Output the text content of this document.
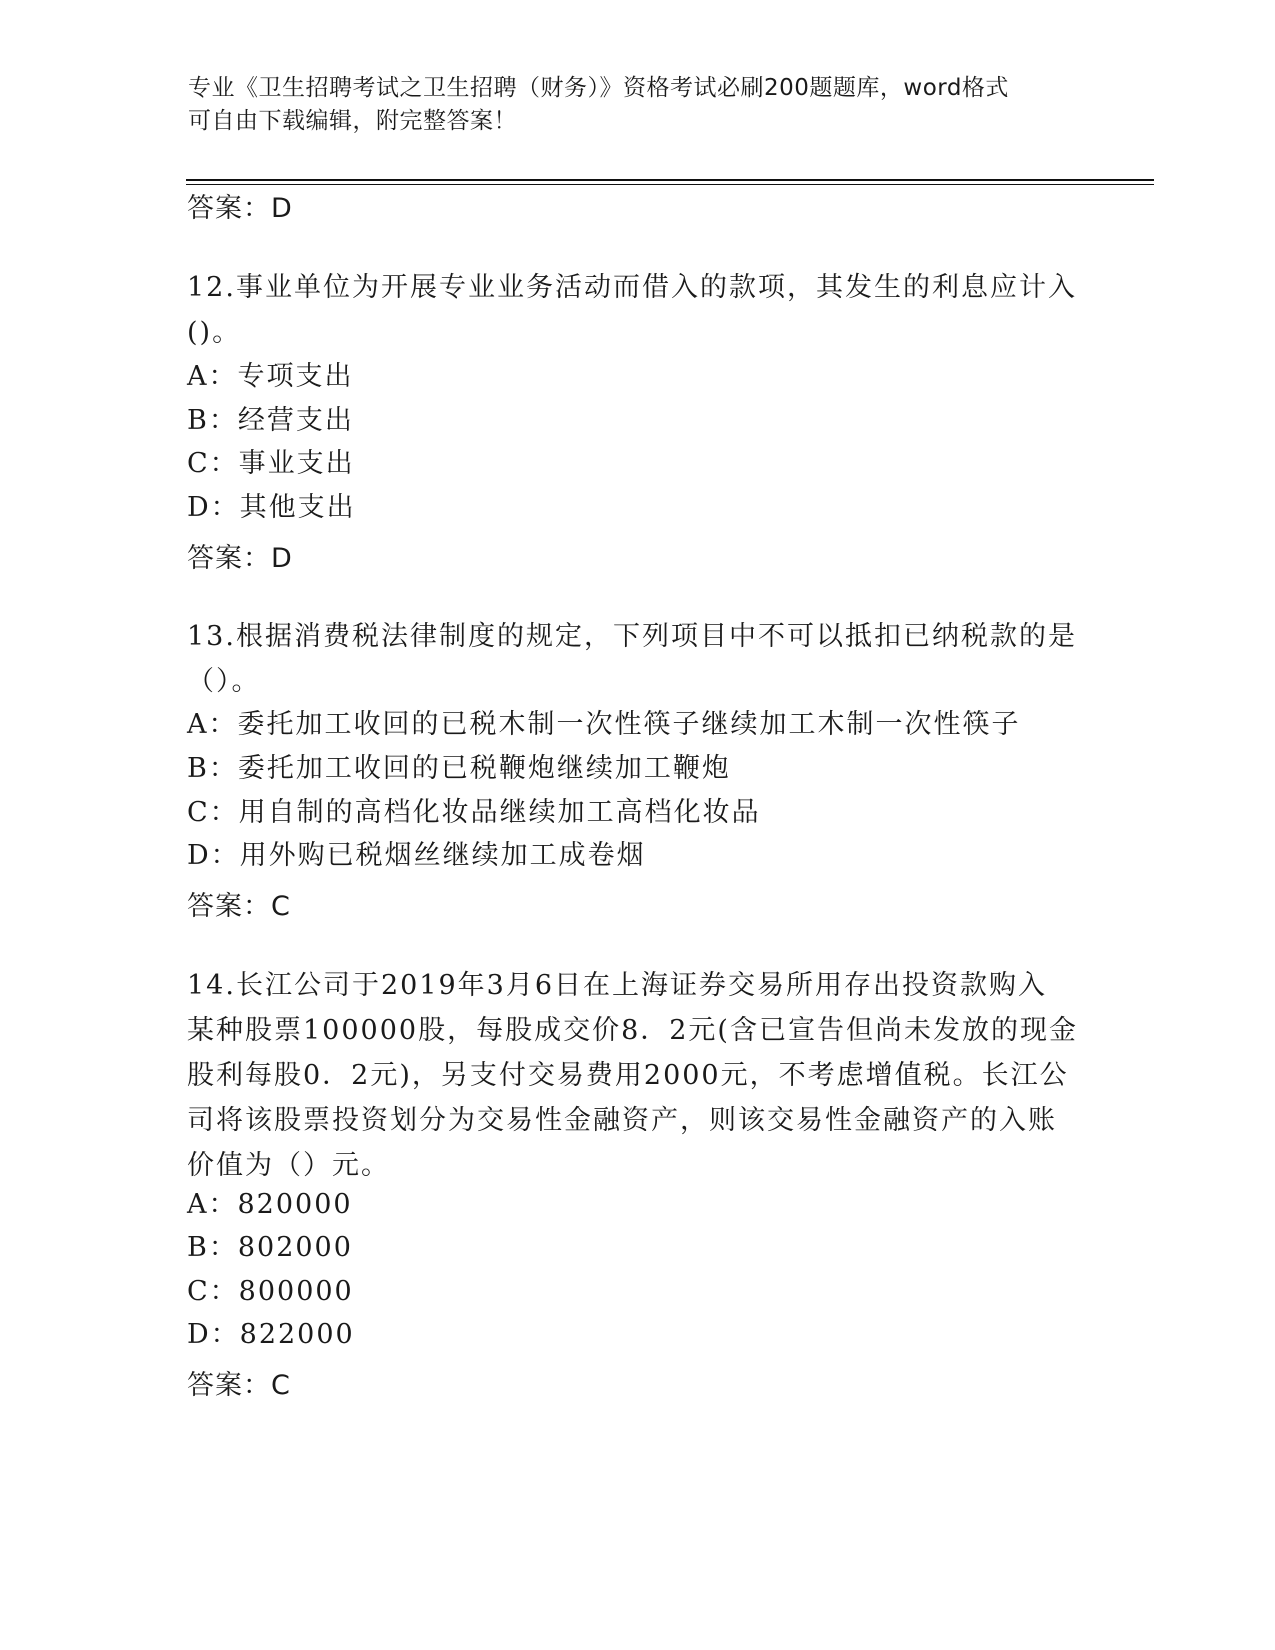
专业《卫生招聘考试之卫生招聘（财务）》资格考试必刷200题题库，word格式
可自由下载编辑，附完整答案！
答案：D
12.事业单位为开展专业业务活动而借入的款项，其发生的利息应计入
()。
A：专项支出
B：经营支出
C：事业支出
D：其他支出
答案：D
13.根据消费税法律制度的规定，下列项目中不可以抵扣已纳税款的是
（）。
A：委托加工收回的已税木制一次性筷子继续加工木制一次性筷子
B：委托加工收回的已税鞭炮继续加工鞭炮
C：用自制的高档化妆品继续加工高档化妆品
D：用外购已税烟丝继续加工成卷烟
答案：C
14.长江公司于2019年3月6日在上海证券交易所用存出投资款购入
某种股票100000股，每股成交价8．2元(含已宣告但尚未发放的现金
股利每股0．2元)，另支付交易费用2000元，不考虑增值税。长江公
司将该股票投资划分为交易性金融资产，则该交易性金融资产的入账
价值为（）元。
A：820000
B：802000
C：800000
D：822000
答案：C
